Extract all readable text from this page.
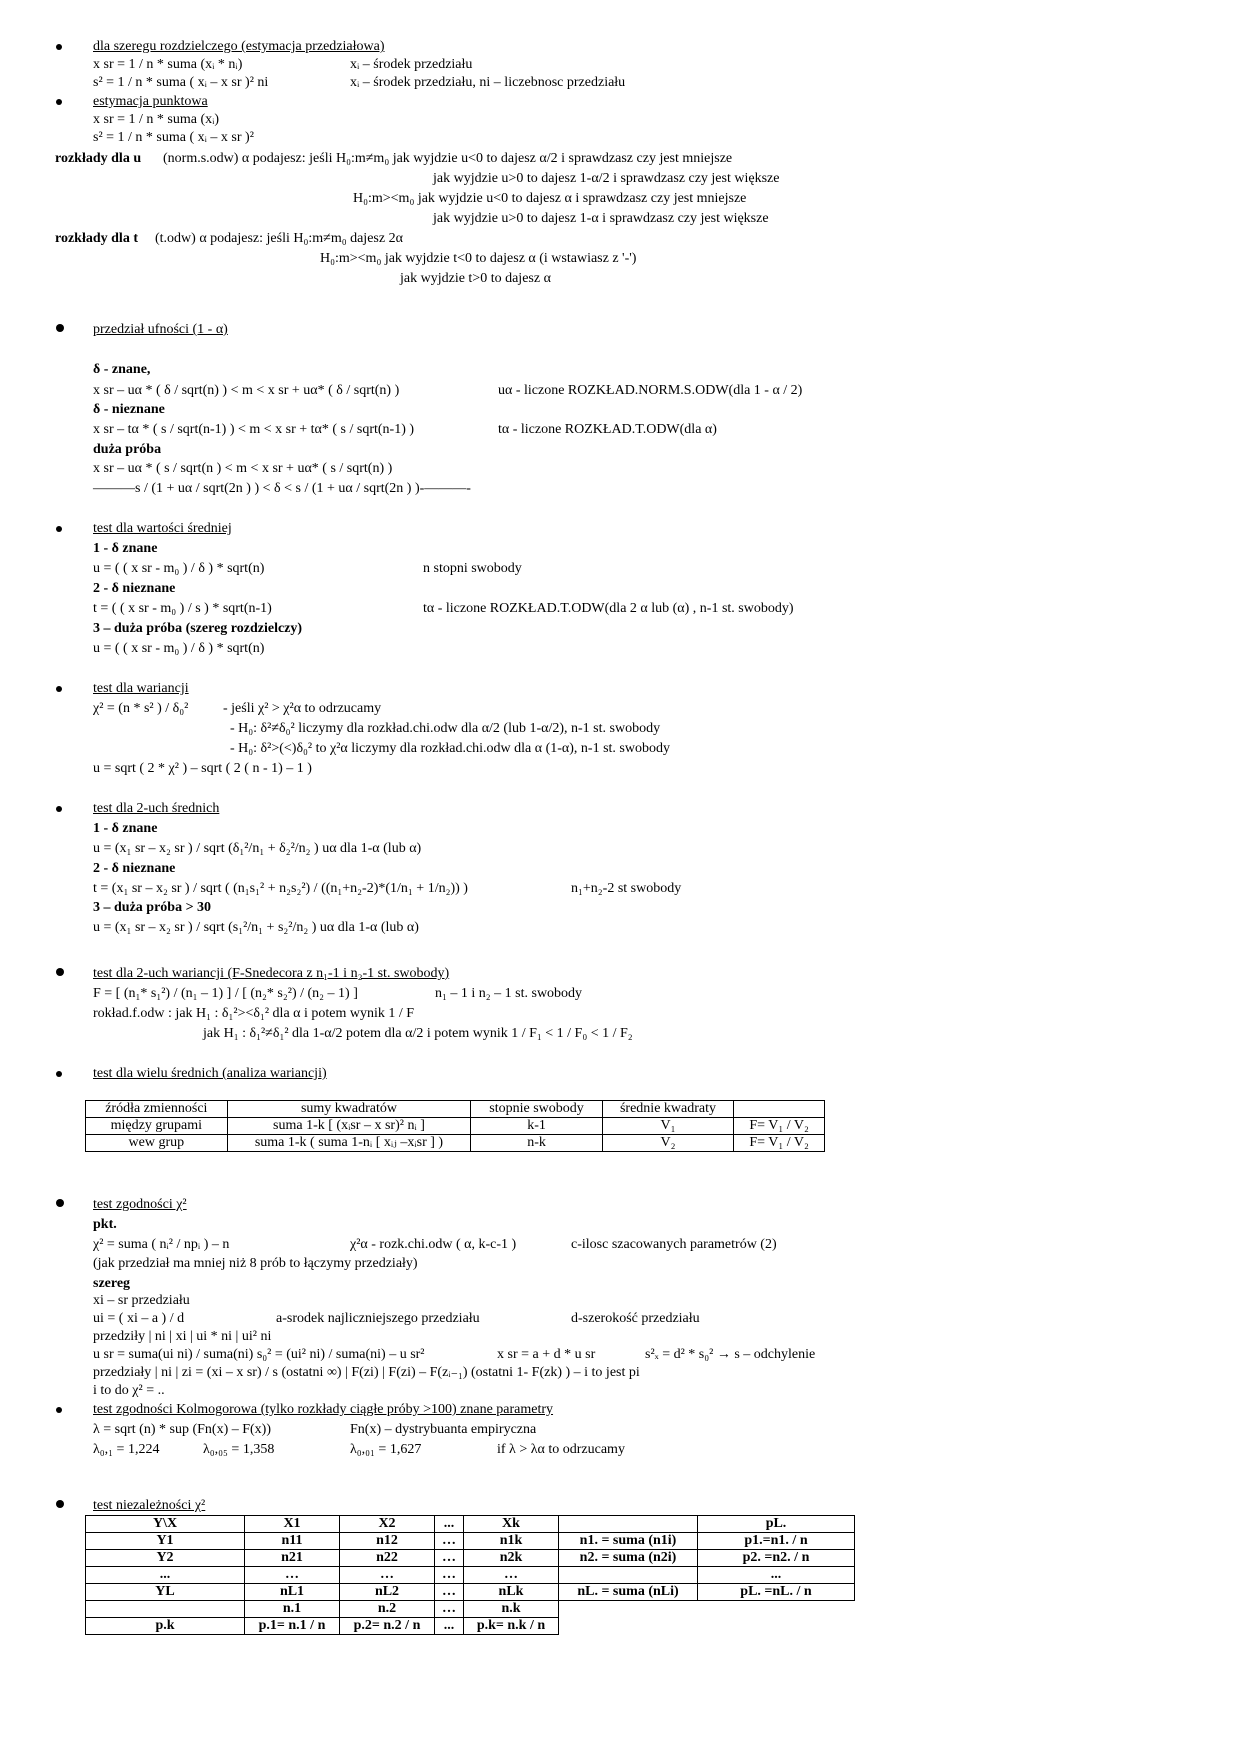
dla szeregu rozdzielczego (estymacja przedziałowa)
x sr = 1 / n * suma (xᵢ * nᵢ)	xᵢ – środek przedziału
s² = 1 / n * suma ( xᵢ – x sr )² ni	xᵢ – środek przedziału, ni – liczebnosc przedziału
estymacja punktowa
x sr = 1 / n * suma (xᵢ)
s² = 1 / n * suma ( xᵢ – x sr )²
rozkłady dla u (norm.s.odw) α podajesz: jeśli H₀:m≠m₀ jak wyjdzie u<0 to dajesz α/2 i sprawdzasz czy jest mniejsze
jak wyjdzie u>0 to dajesz 1-α/2 i sprawdzasz czy jest większe
H₀:m><m₀ jak wyjdzie u<0 to dajesz α i sprawdzasz czy jest mniejsze
jak wyjdzie u>0 to dajesz 1-α i sprawdzasz czy jest większe
rozkłady dla t (t.odw) α podajesz: jeśli H₀:m≠m₀ dajesz 2α
H₀:m><m₀ jak wyjdzie t<0 to dajesz α (i wstawiasz z '-')
jak wyjdzie t>0 to dajesz α
przedział ufności (1 - α)
δ - znane,
x sr – uα * ( δ / sqrt(n) ) < m < x sr + uα* ( δ / sqrt(n) )	uα - liczone ROZKŁAD.NORM.S.ODW(dla 1 - α / 2)
δ - nieznane
x sr – tα * ( s / sqrt(n-1) ) < m < x sr + tα* ( s / sqrt(n-1) )	tα - liczone ROZKŁAD.T.ODW(dla α)
duża próba
x sr – uα * ( s / sqrt(n ) < m < x sr + uα* ( s / sqrt(n) )
———s / (1 + uα / sqrt(2n ) ) < δ < s / (1 + uα / sqrt(2n ) )-———-
test dla wartości średniej
1 - δ znane
u = ( ( x sr - m₀ ) / δ ) * sqrt(n)	n stopni swobody
2 - δ nieznane
t = ( ( x sr - m₀ ) / s ) * sqrt(n-1)	tα - liczone ROZKŁAD.T.ODW(dla 2 α lub (α) , n-1 st. swobody)
3 – duża próba (szereg rozdzielczy)
u = ( ( x sr - m₀ ) / δ ) * sqrt(n)
test dla wariancji
χ² = (n * s² ) / δ₀² - jeśli χ² > χ²α to odrzucamy
- H₀: δ²≠δ₀² liczymy dla rozkład.chi.odw dla α/2 (lub 1-α/2), n-1 st. swobody
- H₀: δ²>(<)δ₀² to χ²α liczymy dla rozkład.chi.odw dla α (1-α), n-1 st. swobody
u = sqrt ( 2 * χ² ) – sqrt ( 2 ( n - 1) – 1 )
test dla 2-uch średnich
1 - δ znane
u = (x₁ sr – x₂ sr ) / sqrt (δ₁²/n₁ + δ₂²/n₂ ) uα dla 1-α (lub α)
2 - δ nieznane
t = (x₁ sr – x₂ sr ) / sqrt ( (n₁s₁² + n₂s₂²) / ((n₁+n₂-2)*(1/n₁ + 1/n₂)) )	n₁+n₂-2 st swobody
3 – duża próba > 30
u = (x₁ sr – x₂ sr ) / sqrt (s₁²/n₁ + s₂²/n₂ ) uα dla 1-α (lub α)
test dla 2-uch wariancji (F-Snedecora z n₁-1 i n₂-1 st. swobody)
F = [ (n₁* s₁²) / (n₁ – 1) ] / [ (n₂* s₂²) / (n₂ – 1) ]	n₁ – 1 i n₂ – 1 st. swobody
rokład.f.odw : jak H₁ : δ₁²><δ₁² dla α i potem wynik 1 / F
jak H₁ : δ₁²≠δ₁² dla 1-α/2 potem dla α/2 i potem wynik 1 / F₁ < 1 / F₀ < 1 / F₂
test dla wielu średnich (analiza wariancji)
test zgodności χ²
pkt.
χ² = suma ( nᵢ² / npᵢ ) – n	χ²α - rozk.chi.odw ( α, k-c-1 )	c-ilosc szacowanych parametrów (2)
(jak przedział ma mniej niż 8 prób to łączymy przedziały)
szereg
xi – sr przedziału
ui = ( xi – a ) / d	a-srodek najliczniejszego przedziału	d-szerokość przedziału
przedziły | ni | xi | ui * ni | ui² ni
u sr = suma(ui ni) / suma(ni) s₀² = (ui² ni) / suma(ni) – u sr²	x sr = a + d * u sr	s²ₓ = d² * s₀² → s – odchylenie
przedziały | ni | zi = (xi – x sr) / s (ostatni ∞) | F(zi) | F(zi) – F(zᵢ₋₁) (ostatni 1- F(zk) ) – i to jest pi
i to do χ² = ..
test zgodności Kolmogorowa (tylko rozkłady ciągłe próby >100) znane parametry
λ = sqrt (n) * sup (Fn(x) – F(x))	Fn(x) – dystrybuanta empiryczna
λ₀,₁ = 1,224	λ₀,₀₅ = 1,358	λ₀,₀₁ = 1,627	if λ > λα to odrzucamy
test niezależności χ²
źródła zmienności	sumy kwadratów	stopnie swobody	średnie kwadraty	
między grupami	suma 1-k [ (xᵢsr – x sr)² nᵢ ]	k-1	V₁	F= V₁ / V₂
wew grup	suma 1-k ( suma 1-nᵢ [ xᵢⱼ –xᵢsr ] )	n-k	V₂	F= V₁ / V₂
Y\X	X1	X2	...	Xk		pL.
Y1	n11	n12	…	n1k	n1. = suma (n1i)	p1.=n1. / n
Y2	n21	n22	…	n2k	n2. = suma (n2i)	p2. =n2. / n
...	…	…	…	…		...
YL	nL1	nL2	…	nLk	nL. = suma (nLi)	pL. =nL. / n
	n.1	n.2	…	n.k		
p.k	p.1= n.1 / n	p.2= n.2 / n	...	p.k= n.k / n		
